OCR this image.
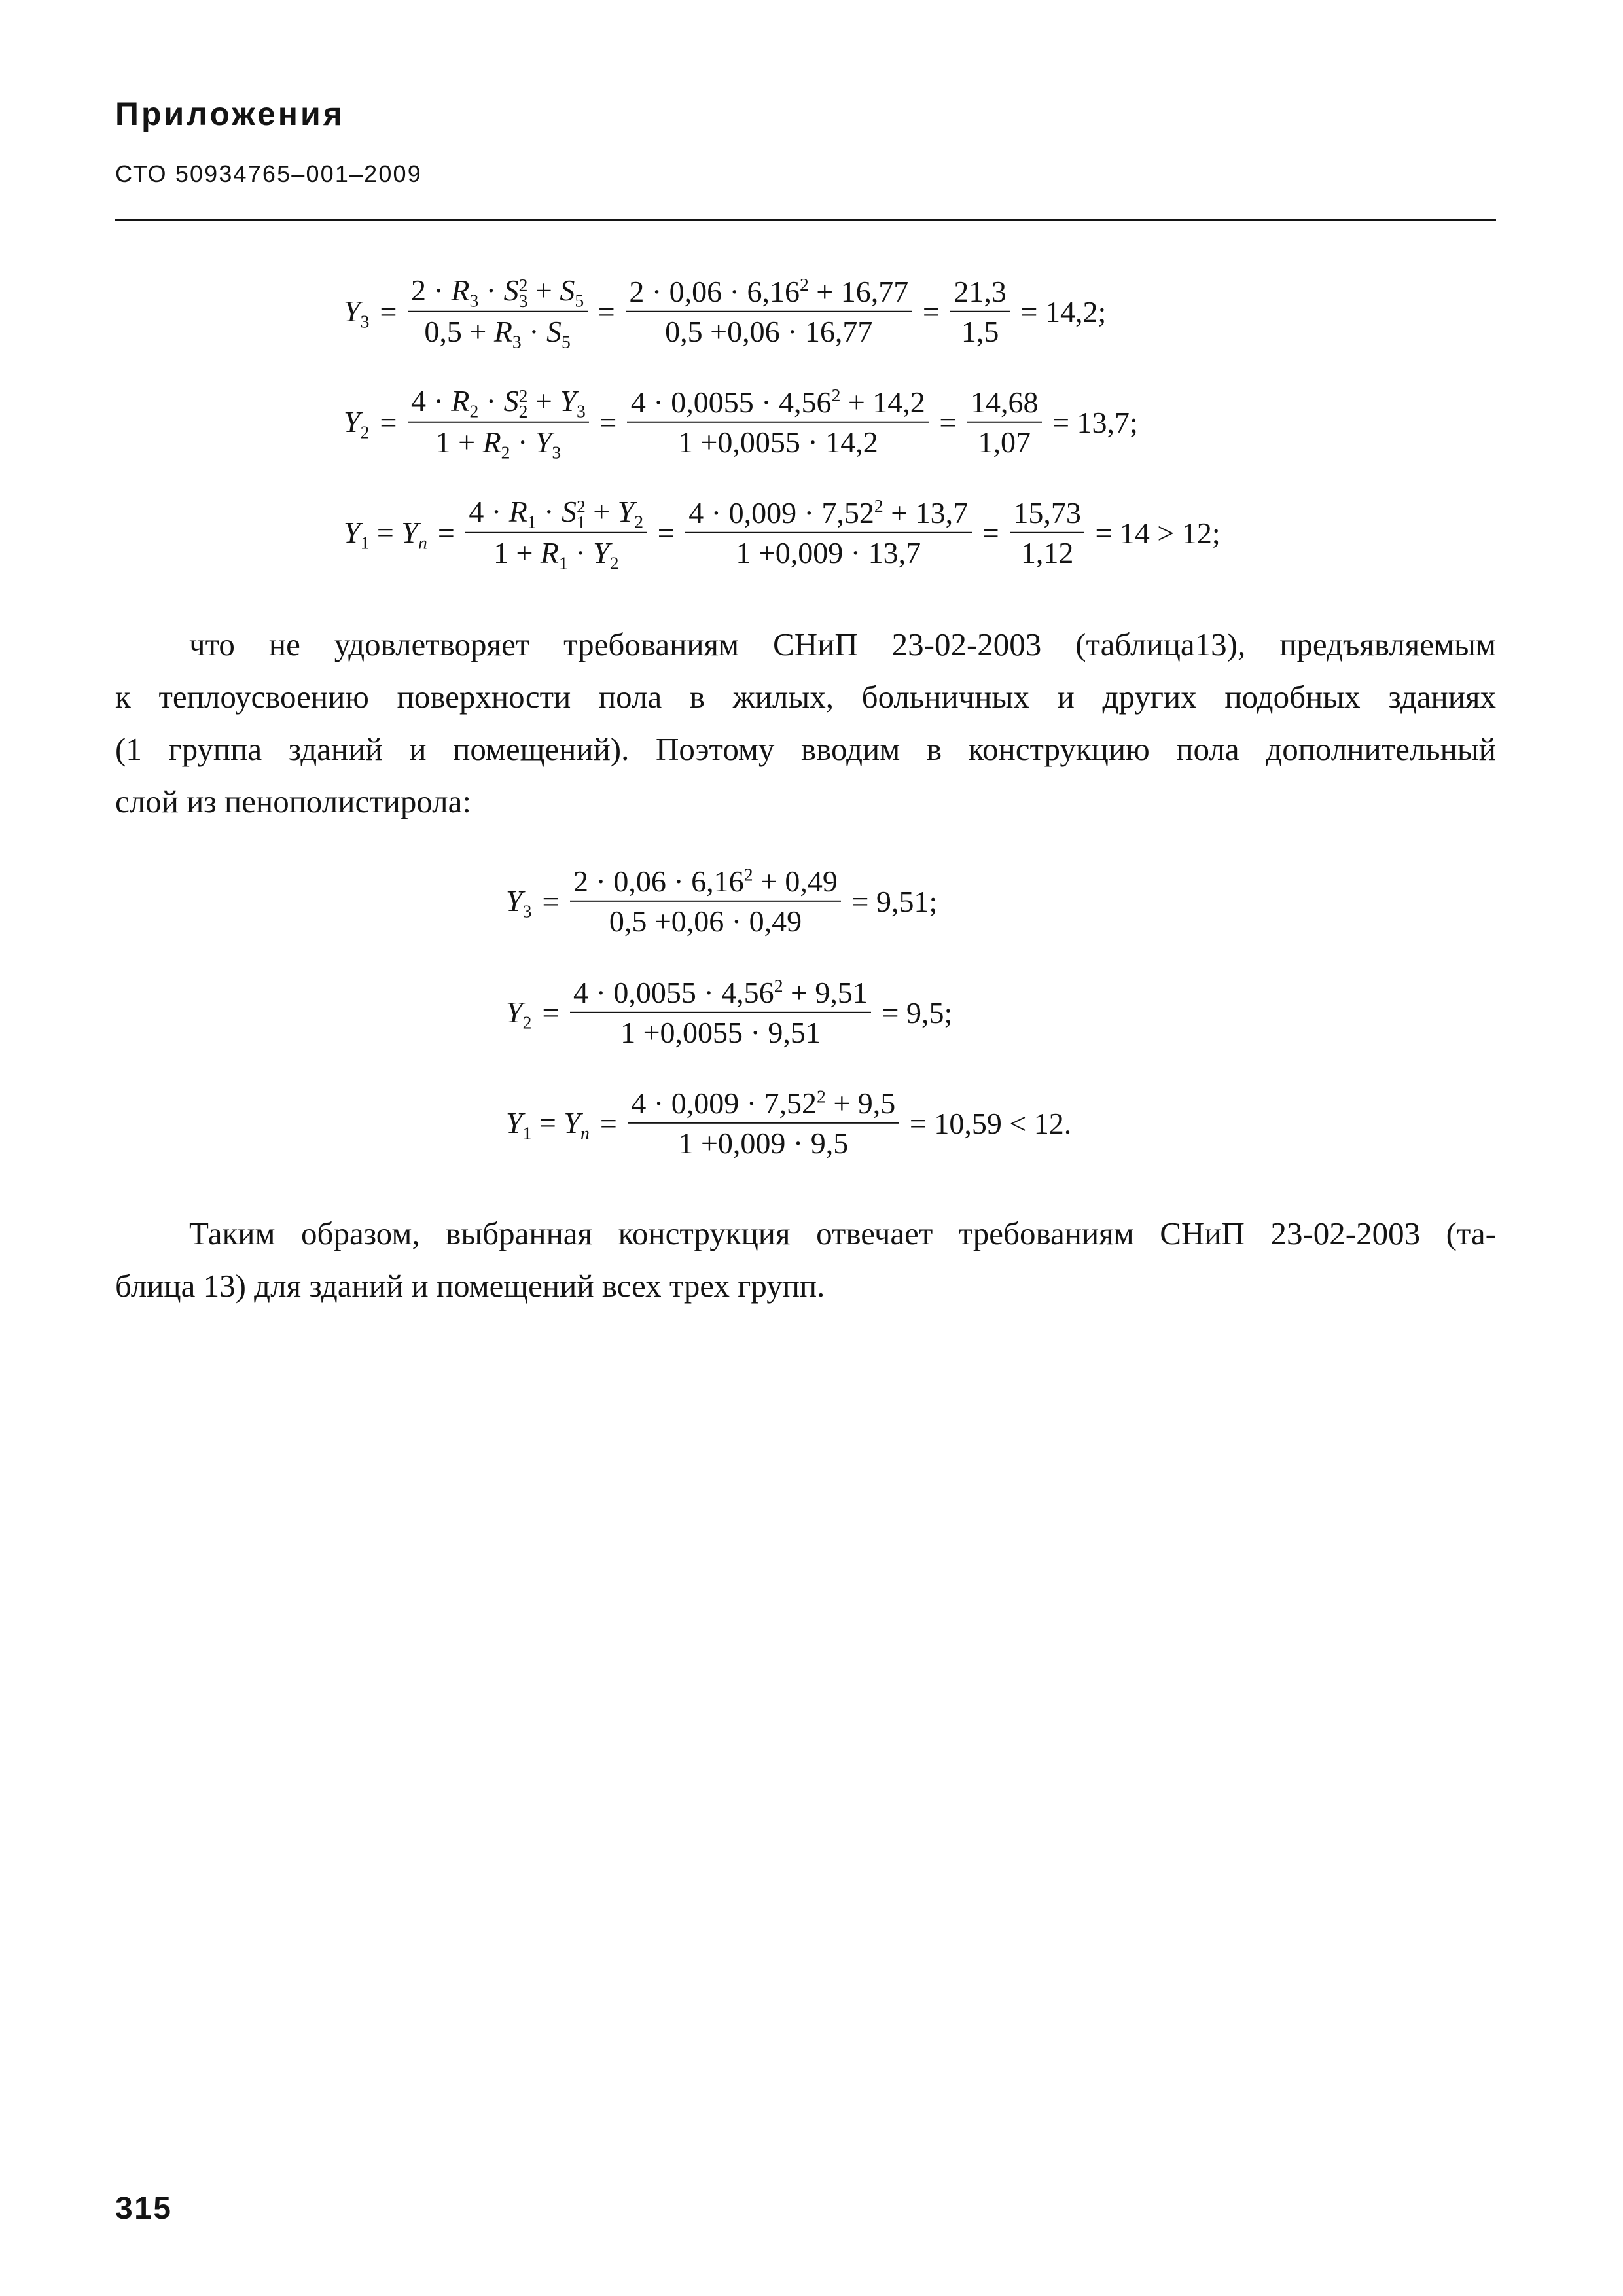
Приложения
СТО 50934765–001–2009
$Y_3 = 2 \cdot R_3 \cdot S$ 2
$3 + S_5$
$0,5 + R_3 \cdot S_5 = \frac{2 \cdot 0,06 \cdot 6,16^2 + 16,77}{0,5 +0,06 \cdot 16,77} = \frac{21,3}{1,5} = 14,2$;
$Y_2 = 4 \cdot R_2 \cdot S$ 2
$2 + Y_3$
$1 + R_2 \cdot Y_3 = \frac{4 \cdot 0,0055 \cdot 4,56^2 + 14,2}{1 +0,0055 \cdot 14,2} = \frac{14,68}{1,07} = 13,7$;
$Y_1 = Y_n = 4 \cdot R_1 \cdot S$ 2
$1 + Y_2$
$1 + R_1 \cdot Y_2 = \frac{4 \cdot 0,009 \cdot 7,52^2 + 13,7}{1 +0,009 \cdot 13,7} = \frac{15,73}{1,12} = 14 > 12$;
$Y_3 = \frac{2 \cdot 0,06 \cdot 6,16^2 + 0,49}{0,5 +0,06 \cdot 0,49} = 9,51$;
$Y_2 = \frac{4 \cdot 0,0055 \cdot 4,56^2 + 9,51}{1 +0,0055 \cdot 9,51} = 9,5$;
$Y_1 = Y_n = \frac{4 \cdot 0,009 \cdot 7,52^2 + 9,5}{1 +0,009 \cdot 9,5} = 10,59 < 12$.
что не удовлетворяет требованиям СНиП 23-02-2003 (таблица13), предъявляемым
к теплоусвоению поверхности пола в жилых, больничных и других подобных зданиях
(1 группа зданий и помещений). Поэтому вводим в конструкцию пола дополнительный
слой из пенополистирола:
Таким образом, выбранная конструкция отвечает требованиям СНиП 23-02-2003 (та-
блица 13) для зданий и помещений всех трех групп.
315
